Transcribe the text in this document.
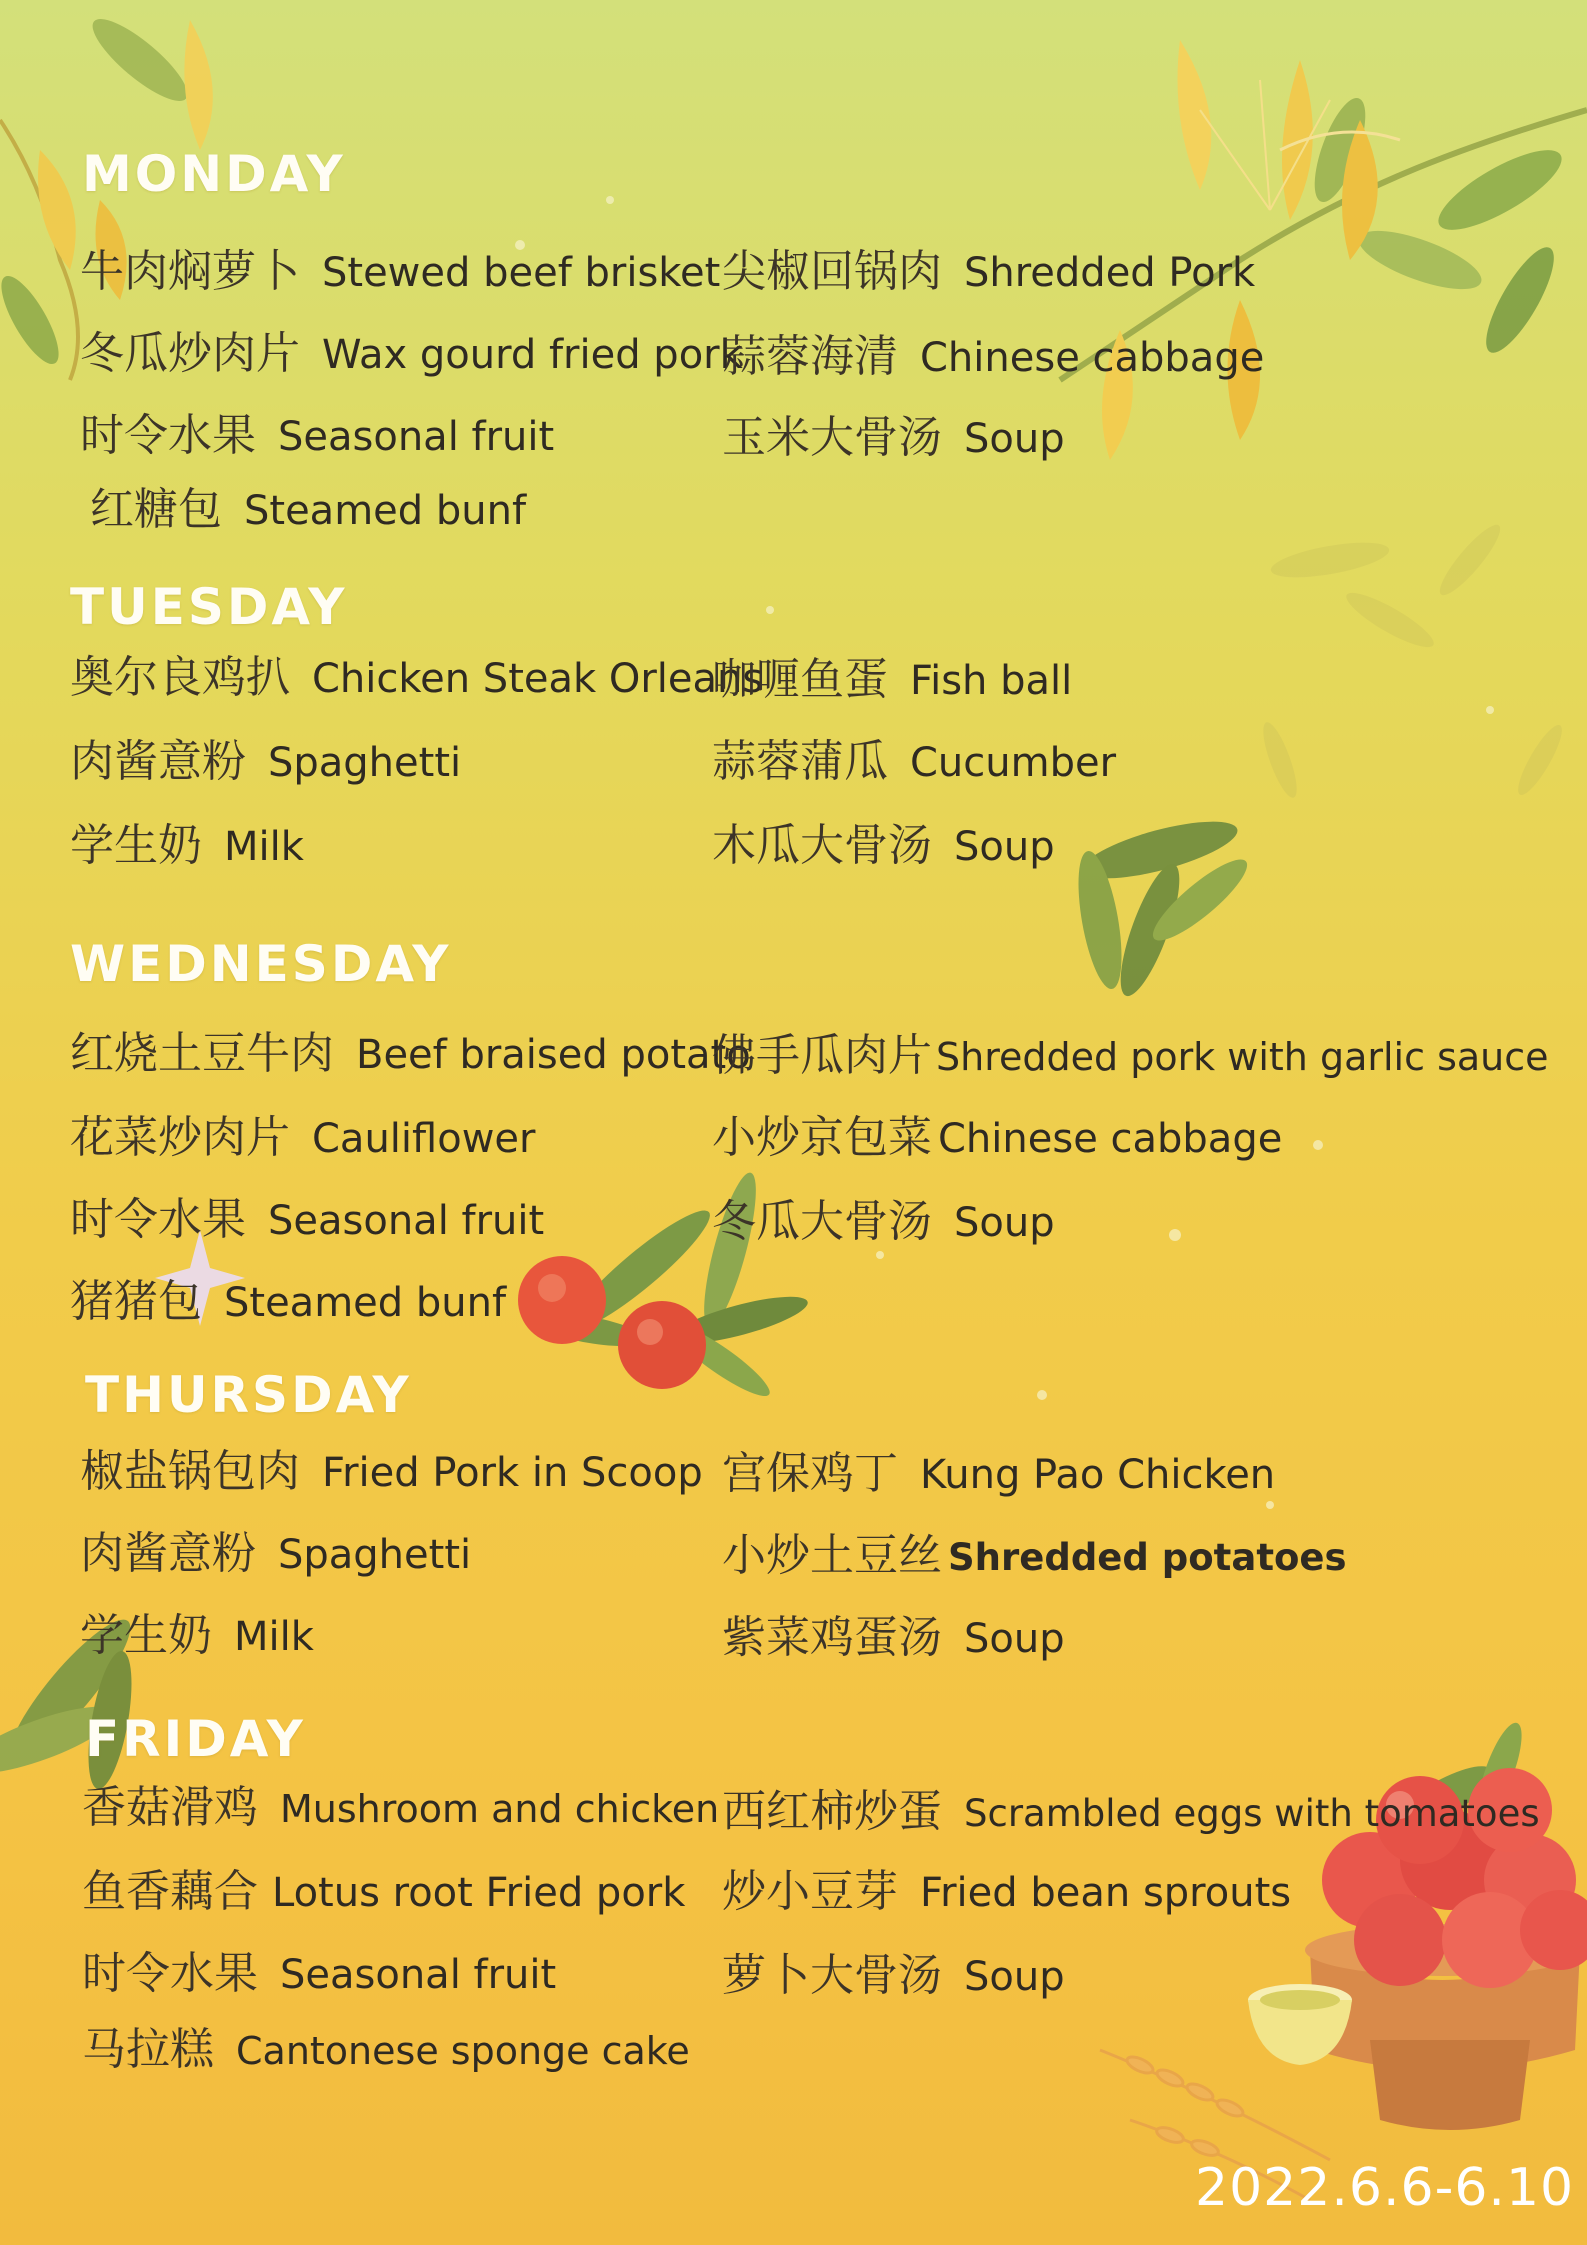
MONDAY
牛肉焖萝卜 Stewed beef brisket
冬瓜炒肉片 Wax gourd fried pork
时令水果 Seasonal fruit
红糖包 Steamed bunf
尖椒回锅肉 Shredded Pork
蒜蓉海清 Chinese cabbage
玉米大骨汤 Soup
TUESDAY
奥尔良鸡扒 Chicken Steak Orleans
肉酱意粉 Spaghetti
学生奶 Milk
咖喱鱼蛋 Fish ball
蒜蓉蒲瓜 Cucumber
木瓜大骨汤 Soup
WEDNESDAY
红烧土豆牛肉 Beef braised potato
花菜炒肉片 Cauliflower
时令水果 Seasonal fruit
猪猪包 Steamed bunf
佛手瓜肉片 Shredded pork with garlic sauce
小炒京包菜 Chinese cabbage
冬瓜大骨汤 Soup
THURSDAY
椒盐锅包肉 Fried Pork in Scoop
肉酱意粉 Spaghetti
学生奶 Milk
宫保鸡丁 Kung Pao Chicken
小炒土豆丝 Shredded potatoes
紫菜鸡蛋汤 Soup
FRIDAY
香菇滑鸡 Mushroom and chicken
鱼香藕合 Lotus root Fried pork
时令水果 Seasonal fruit
马拉糕 Cantonese sponge cake
西红柿炒蛋 Scrambled eggs with tomatoes
炒小豆芽 Fried bean sprouts
萝卜大骨汤 Soup
2022.6.6-6.10
